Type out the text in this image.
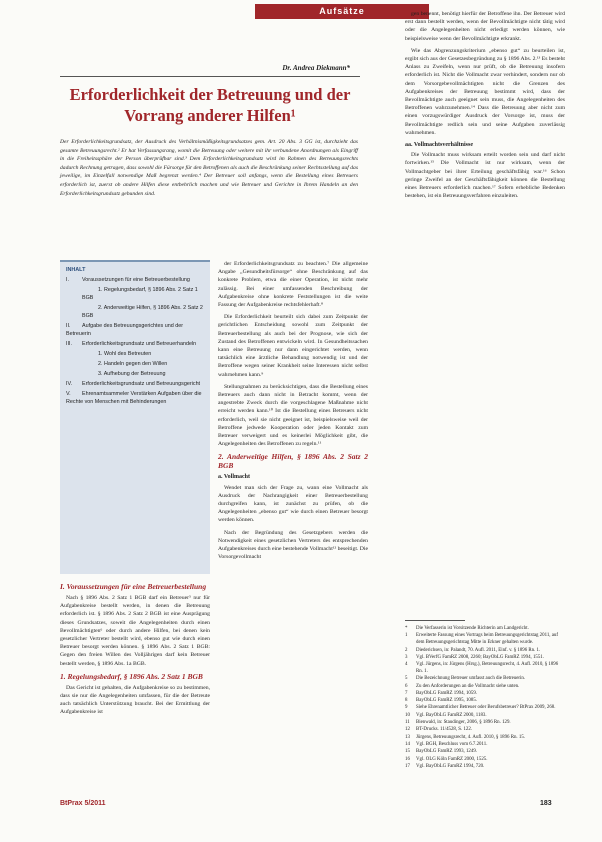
Aufsätze
Dr. Andrea Diekmann*
Erforderlichkeit der Betreuung und der Vorrang anderer Hilfen¹
Der Erforderlichkeitsgrundsatz, der Ausdruck des Verhältnismäßigkeitsgrundsatzes gem. Art. 20 Abs. 3 GG ist, durchzieht das gesamte Betreuungsrecht.² Er hat Verfassungsrang, womit die Betreuung oder weitere mit ihr verbundene Anordnungen als Eingriff in die Freiheitssphäre der Person überprüfbar sind.³ Dem Erforderlichkeitsgrundsatz wird im Rahmen des Betreuungsrechts dadurch Rechnung getragen, dass sowohl die Fürsorge für den Betroffenen als auch die Beschränkung seiner Rechtsstellung auf das jeweilige, im Einzelfall notwendige Maß begrenzt werden.⁴ Der Betreuer soll anfangs, wenn die Bestellung eines Betreuers erforderlich ist, zuerst ob andere Hilfen diese entbehrlich machen und wie Betreuer und Gerichte in Ihrem Handeln an den Erforderlichkeitsgrundsatz gebunden sind.
INHALT
I. Voraussetzungen für eine Betreuerbestellung
1. Regelungsbedarf, § 1896 Abs. 2 Satz 1 BGB
2. Anderweitige Hilfen, § 1896 Abs. 2 Satz 2 BGB
II. Aufgabe des Betreuungsgerichtes und der Betreuerin
III. Erforderlichkeitsgrundsatz und Betreuerhandeln
1. Wohl des Betreuten
2. Handeln gegen den Willen
3. Aufhebung der Betreuung
IV. Erforderlichkeitsgrundsatz und Betreuungsgericht
V. Ehrenamtsammeler Verstärken Aufgaben über die Rechte von Menschen mit Behinderungen
I. Voraussetzungen für eine Betreuerbestellung

Nach § 1896 Abs. 2 Satz 1 BGB darf ein Betreuer⁵ nur für Aufgabenkreise bestellt werden, in denen die Betreuung erforderlich ist. § 1896 Abs. 2 Satz 2 BGB ist eine Ausprägung dieses Grundsatzes, soweit die Angelegenheiten durch einen Bevollmächtigten⁶ oder durch andere Hilfen, bei denen kein gesetzlicher Vertreter bestellt wird, ebenso gut wie durch einen Betreuer besorgt werden können. § 1896 Abs. 2 Satz 1 BGB: Gegen den freien Willen des Volljährigen darf kein Betreuer bestellt werden, § 1896 Abs. 1a BGB.

1. Regelungsbedarf, § 1896 Abs. 2 Satz 1 BGB

Das Gericht ist gehalten, die Aufgabenkreise so zu bestimmen, dass sie nur die Angelegenheiten umfassen, für die der Betreute auch tatsächlich Unterstützung braucht. Bei der Ermittlung der Aufgabenkreise ist

der Erforderlichkeitsgrundsatz zu beachten.⁷ Die allgemeine Angabe „Gesundheitsfürsorge“ ohne Beschränkung auf das konkrete Problem, etwa die einer Operation, ist nicht mehr zulässig. Bei einer umfassenden Beschreibung der Aufgabenkreise ohne konkrete Feststellungen ist die weite Fassung der Aufgabenkreise rechtsfehlerhaft.⁸

Die Erforderlichkeit beurteilt sich dabei zum Zeitpunkt der gerichtlichen Entscheidung sowohl zum Zeitpunkt der Betreuerbestellung als auch bei der Prognose, wie sich der Zustand des Betroffenen entwickeln wird. In Gesundheitssachen kann eine Betreuung nur dann eingerichtet werden, wenn tatsächlich eine ärztliche Behandlung notwendig ist und der Betroffene wegen seiner Krankheit seine Interessen nicht selbst wahrnehmen kann.⁹

Stellungnahmen zu berücksichtigen, dass die Bestellung eines Betreuers auch dann nicht in Betracht kommt, wenn der angestrebte Zweck durch die vorgeschlagene Maßnahme nicht erreicht werden kann.¹⁰ Ist die Bestellung eines Betreuers nicht erforderlich, weil sie nicht geeignet ist, beispielsweise weil der Betroffene jedwede Kooperation oder jeden Kontakt zum Betreuer verweigert und es keinerlei Möglichkeit gibt, die Angelegenheiten des Betroffenen zu regeln.¹¹

2. Anderweitige Hilfen, § 1896 Abs. 2 Satz 2 BGB
a. Vollmacht

Wendet man sich der Frage zu, wann eine Vollmacht als Ausdruck der Nachrangigkeit einer Betreuerbestellung durchgreifen kann, ist zunächst zu prüfen, ob die Angelegenheiten „ebenso gut“ wie durch einen Betreuer besorgt werden können.

Nach der Begründung des Gesetzgebers werden die Notwendigkeit eines gesetzlichen Vertreters des entsprechenden Aufgabenkreises durch eine bestehende Vollmacht¹² beseitigt. Die Vorsorgevollmacht

gen benennt, benötigt hierfür der Betroffene ihn. Der Betreuer wird erst dann bestellt werden, wenn der Bevollmächtigte nicht tätig wird oder die Angelegenheiten nicht erledigt werden können, wie beispielsweise wenn der Bevollmächtigte erkrankt.

Wie das Abgrenzungskriterium „ebenso gut“ zu beurteilen ist, ergibt sich aus der Gesetzesbegründung zu § 1896 Abs. 2.¹³ Es besteht Anlass zu Zweifeln, wenn nur prüft, ob die Betreuung insofern erforderlich ist. Nicht die Vollmacht zwar verhindert, sondern nur ob dem Vorsorgebevollmächtigten nicht die Grenzen des Aufgabenkreises der Betreuung bestimmt wird, dass der Bevollmächtigte auch geeignet sein muss, die Angelegenheiten des Betroffenen wahrzunehmen.¹⁴ Dass die Betreuung aber nicht zum einen vorzugswürdiger Ausdruck der Vorsorge ist, muss der Bevollmächtigte redlich sein und seine Aufgaben zuverlässig wahrnehmen.

aa. Vollmachtsverhältnisse

Die Vollmacht muss wirksam erteilt worden sein und darf nicht fortwirken.¹⁵ Die Vollmacht ist nur wirksam, wenn der Vollmachtgeber bei ihrer Erteilung geschäftsfähig war.¹⁶ Schon geringe Zweifel an der Geschäftsfähigkeit können die Bestellung eines Betreuers erforderlich machen.¹⁷ Sofern erhebliche Bedenken bestehen, ist ein Betreuungsverfahren einzuleiten.

*	Die Verfasserin ist Vorsitzende Richterin am Landgericht.
1	Erweiterte Fassung eines Vortrags beim Betreuungsgerichtstag 2011, auf dem Betreuungsgerichtstag Mitte in Erkner gehalten wurde.
2	Diederichsen, in: Palandt, 70. Aufl. 2011, Einf. v. § 1896 Rn. 1.
3	Vgl. BVerfG FamRZ 2008, 2260; BayObLG FamRZ 1994, 1551.
4	Vgl. Jürgens, in: Jürgens (Hrsg.), Betreuungsrecht, 4. Aufl. 2010, § 1896 Rn. 1.
5	Die Bezeichnung Betreuer umfasst auch die Betreuerin.
6	Zu den Anforderungen an die Vollmacht siehe unten.
7	BayObLG FamRZ 1994, 1059.
8	BayObLG FamRZ 1995, 1085.
9	Siehe Ehrenamtlicher Betreuer oder Berufsbetreuer? BtPrax 2009, 268.
10	Vgl. BayObLG FamRZ 2000, 1183.
11	Bienwald, in: Staudinger, 2006, § 1896 Rn. 129.
12	BT-Drucks. 11/4528, S. 122.
13	Jürgens, Betreuungsrecht, 4. Aufl. 2010, § 1896 Rn. 15.
14	Vgl. BGH, Beschluss vom 6.7.2011.
15	BayObLG FamRZ 1993, 1249.
16	Vgl. OLG Köln FamRZ 2000, 1525.
17	Vgl. BayObLG FamRZ 1994, 720.
BtPrax 5/2011	183
